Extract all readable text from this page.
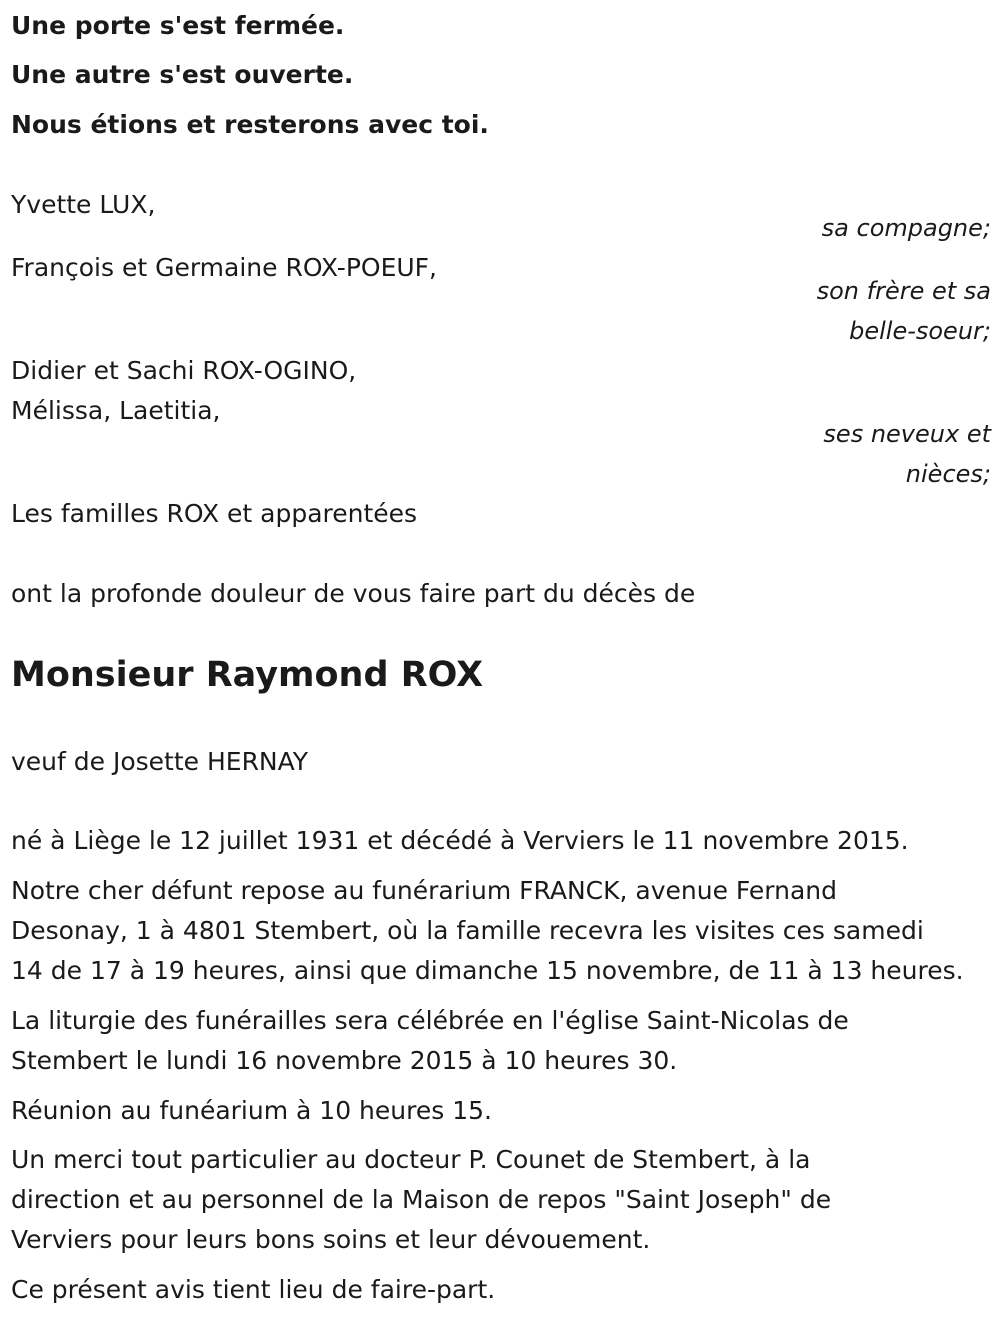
Une porte s'est fermée.

Une autre s'est ouverte.

Nous étions et resterons avec toi.

Yvette LUX,

sa compagne;

François et Germaine ROX-POEUF,

son frère et sa

belle-soeur;

Didier et Sachi ROX-OGINO,

Mélissa, Laetitia,

ses neveux et

nièces;

Les familles ROX et apparentées

ont la profonde douleur de vous faire part du décès de

Monsieur Raymond ROX

veuf de Josette HERNAY

né à Liège le 12 juillet 1931 et décédé à Verviers le 11 novembre 2015.

Notre cher défunt repose au funérarium FRANCK, avenue Fernand

Desonay, 1 à 4801 Stembert, où la famille recevra les visites ces samedi

14 de 17 à 19 heures, ainsi que dimanche 15 novembre, de 11 à 13 heures.

La liturgie des funérailles sera célébrée en l'église Saint-Nicolas de

Stembert le lundi 16 novembre 2015 à 10 heures 30.

Réunion au funéarium à 10 heures 15.

Un merci tout particulier au docteur P. Counet de Stembert, à la

direction et au personnel de la Maison de repos "Saint Joseph" de

Verviers pour leurs bons soins et leur dévouement.

Ce présent avis tient lieu de faire-part.
